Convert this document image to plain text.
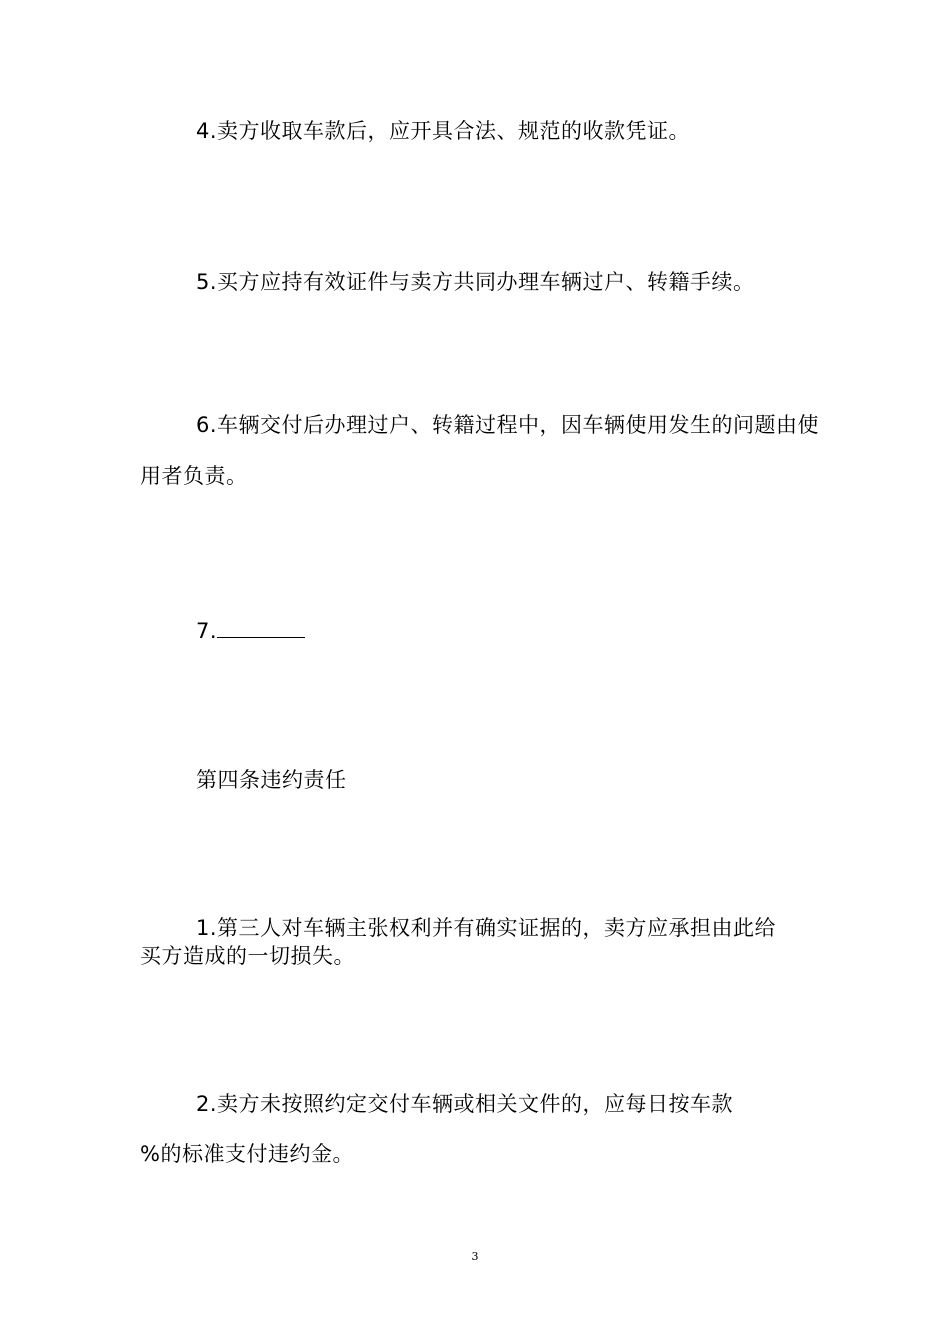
4.卖方收取车款后，应开具合法、规范的收款凭证。
5.买方应持有效证件与卖方共同办理车辆过户、转籍手续。
6.车辆交付后办理过户、转籍过程中，因车辆使用发生的问题由使
用者负责。
7.
第四条违约责任
1.第三人对车辆主张权利并有确实证据的，卖方应承担由此给
买方造成的一切损失。
2.卖方未按照约定交付车辆或相关文件的，应每日按车款
%的标准支付违约金。
3
